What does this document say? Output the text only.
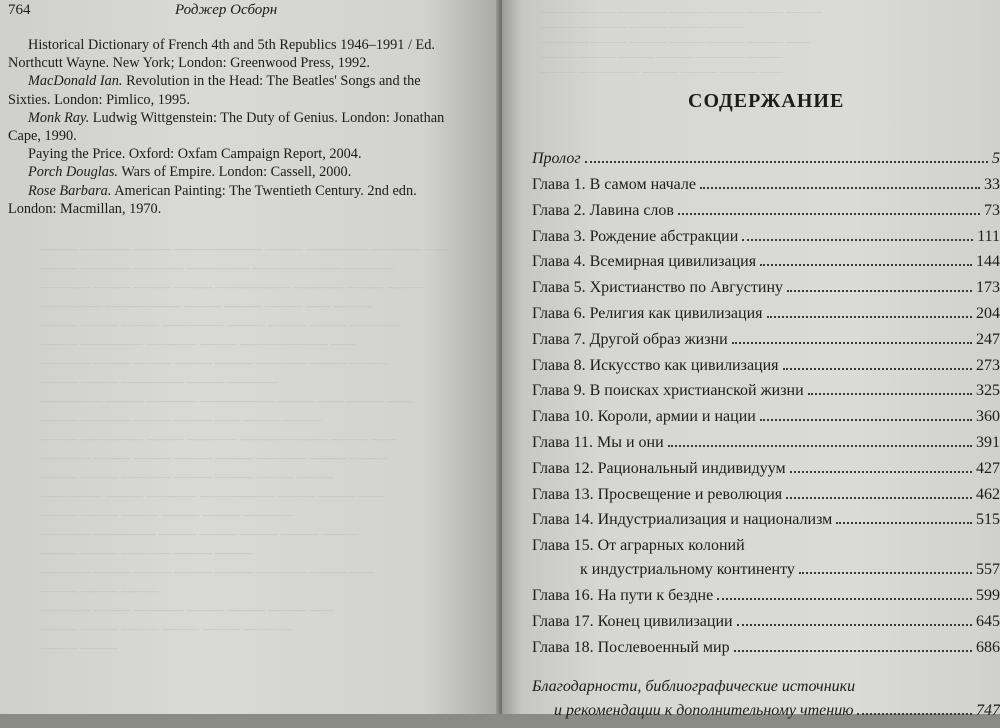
764	Роджер Осборн

Historical Dictionary of French 4th and 5th Republics 1946–1991 / Ed. Northcutt Wayne. New York; London: Greenwood Press, 1992.

MacDonald Ian. Revolution in the Head: The Beatles' Songs and the Sixties. London: Pimlico, 1995.

Monk Ray. Ludwig Wittgenstein: The Duty of Genius. London: Jonathan Cape, 1990.

Paying the Price. Oxford: Oxfam Campaign Report, 2004.

Porch Douglas. Wars of Empire. London: Cassell, 2000.

Rose Barbara. American Painting: The Twentieth Century. 2nd edn. London: Macmillan, 1970.

——— ———— ——— ——————— ——— ————— ———— ——
——— ———— ———— ————— ——————— ————
———— ——— ——— ——— —————— ———— ——— ———
————— —————— ——— ——— ——— —— ———
——— ——— ——— ————— ——— ——— ——— ————
——— ————— ———— ——— ——————— ——
———— ——— ——— ——— ——— ———— ——— ———
——— ——— ————— ——— ————
————— ——— ———— —————— ——— —— ——— ——
——— ———— ——— ——— —— ——— ———
——— ————— ——— ———— ——————— ——— ——
———— ——— ——— ——— ——— ———— ——— ———
——— ——— ———— ——— ——— ——— ———
————— ——— ———— —————— ——— ——— ——
——— ——— ——— ——— ——— ————
———— ————— ——— ——— ——— ——— ———
——— ——— ———— ——— ———
———— ——— ——— ——— ——— ———— ——— ——
——— ——— ———
———— ——— ———— ——— ——— ——— ——
——— ——— ——— ——— ——— ————
——— ———
——— ——— ———— ——— ——— ——— ———
——— ———— ——— ——— ———
———— ——— ——— ——— ——— ——— ——
——— ——— ——— ——— ———— ———
——— ————— ——— ——— ——— ——
СОДЕРЖАНИЕ
Пролог	5
Глава 1. В самом начале	33
Глава 2. Лавина слов	73
Глава 3. Рождение абстракции	111
Глава 4. Всемирная цивилизация	144
Глава 5. Христианство по Августину	173
Глава 6. Религия как цивилизация	204
Глава 7. Другой образ жизни	247
Глава 8. Искусство как цивилизация	273
Глава 9. В поисках христианской жизни	325
Глава 10. Короли, армии и нации	360
Глава 11. Мы и они	391
Глава 12. Рациональный индивидуум	427
Глава 13. Просвещение и революция	462
Глава 14. Индустриализация и национализм	515
Глава 15. От аграрных колоний
к индустриальному континенту	557
Глава 16. На пути к бездне	599
Глава 17. Конец цивилизации	645
Глава 18. Послевоенный мир	686
Благодарности, библиографические источники
и рекомендации к дополнительному чтению	747
